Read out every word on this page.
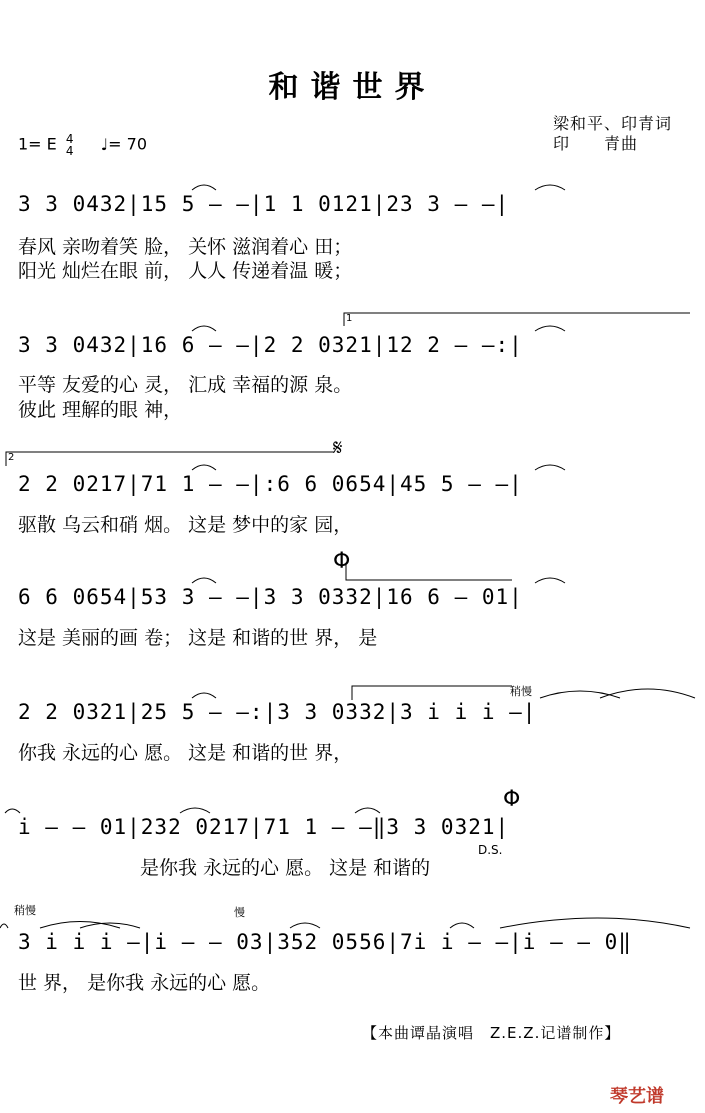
和谐世界
梁和平、印青词
印　　青曲
1= E 4
4 ♩= 70
3 3 0432|15 5 – –|1 1 0121|23 3 – –|
春风 亲吻着笑 脸， 关怀 滋润着心 田；
阳光 灿烂在眼 前， 人人 传递着温 暖；
3 3 0432|16 6 – –|2 2 0321|12 2 – –:|
平等 友爱的心 灵， 汇成 幸福的源 泉。
彼此 理解的眼 神，
2 2 0217|71 1 – –|:6 6 0654|45 5 – –|
驱散 乌云和硝 烟。 这是 梦中的家 园，
6 6 0654|53 3 – –|3 3 0332|16 6 – 01|
这是 美丽的画 卷； 这是 和谐的世 界， 是
2 2 0321|25 5 – –:|3 3 0332|3 i i i –|
你我 永远的心 愿。 这是 和谐的世 界，
i – – 01|232 0217|71 1 – –‖3 3 0321|
是你我 永远的心 愿。 这是 和谐的
3 i i i –|i – – 03|352 0556|7i i – –|i – – 0‖
世 界， 是你我 永远的心 愿。
1
2	𝄋
Φ
Φ
D.S.
稍慢
稍慢	慢
【本曲谭晶演唱　Z.E.Z.记谱制作】
琴艺谱
